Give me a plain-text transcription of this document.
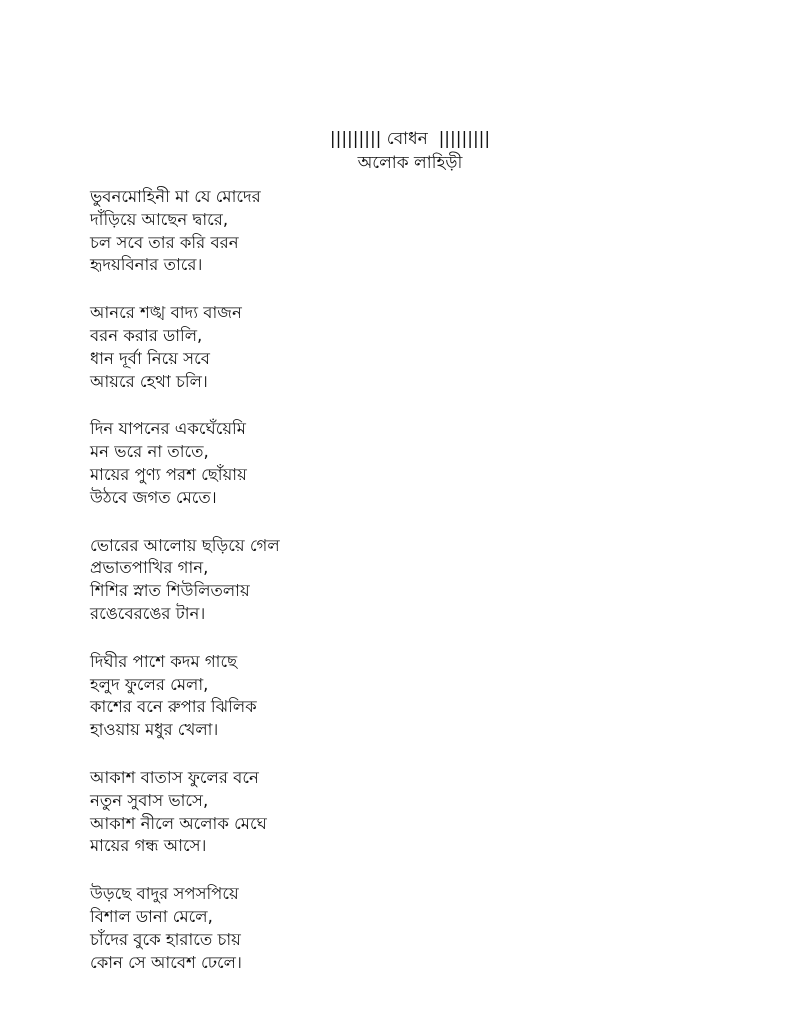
||||||||| বোধন  |||||||||
অলোক লাহিড়ী
ভুবনমোহিনী মা যে মোদের
দাঁড়িয়ে আছেন দ্বারে,
চল সবে তার করি বরন
হৃদয়বিনার তারে।
আনরে শঙ্খ বাদ্য বাজন
বরন করার ডালি,
ধান দূর্বা নিয়ে সবে
আয়রে হেথা চলি।
দিন যাপনের একঘেঁয়েমি
মন ভরে না তাতে,
মায়ের পুণ্য পরশ ছোঁয়ায়
উঠবে জগত মেতে।
ভোরের আলোয় ছড়িয়ে গেল
প্রভাতপাখির গান,
শিশির স্নাত শিউলিতলায়
রঙেবেরঙের টান।
দিঘীর পাশে কদম গাছে
হলুদ ফুলের মেলা,
কাশের বনে রুপার ঝিলিক
হাওয়ায় মধুর খেলা।
আকাশ বাতাস ফুলের বনে
নতুন সুবাস ভাসে,
আকাশ নীলে অলোক মেঘে
মায়ের গন্ধ আসে।
উড়ছে বাদুর সপসপিয়ে
বিশাল ডানা মেলে,
চাঁদের বুকে হারাতে চায়
কোন সে আবেশ ঢেলে।
